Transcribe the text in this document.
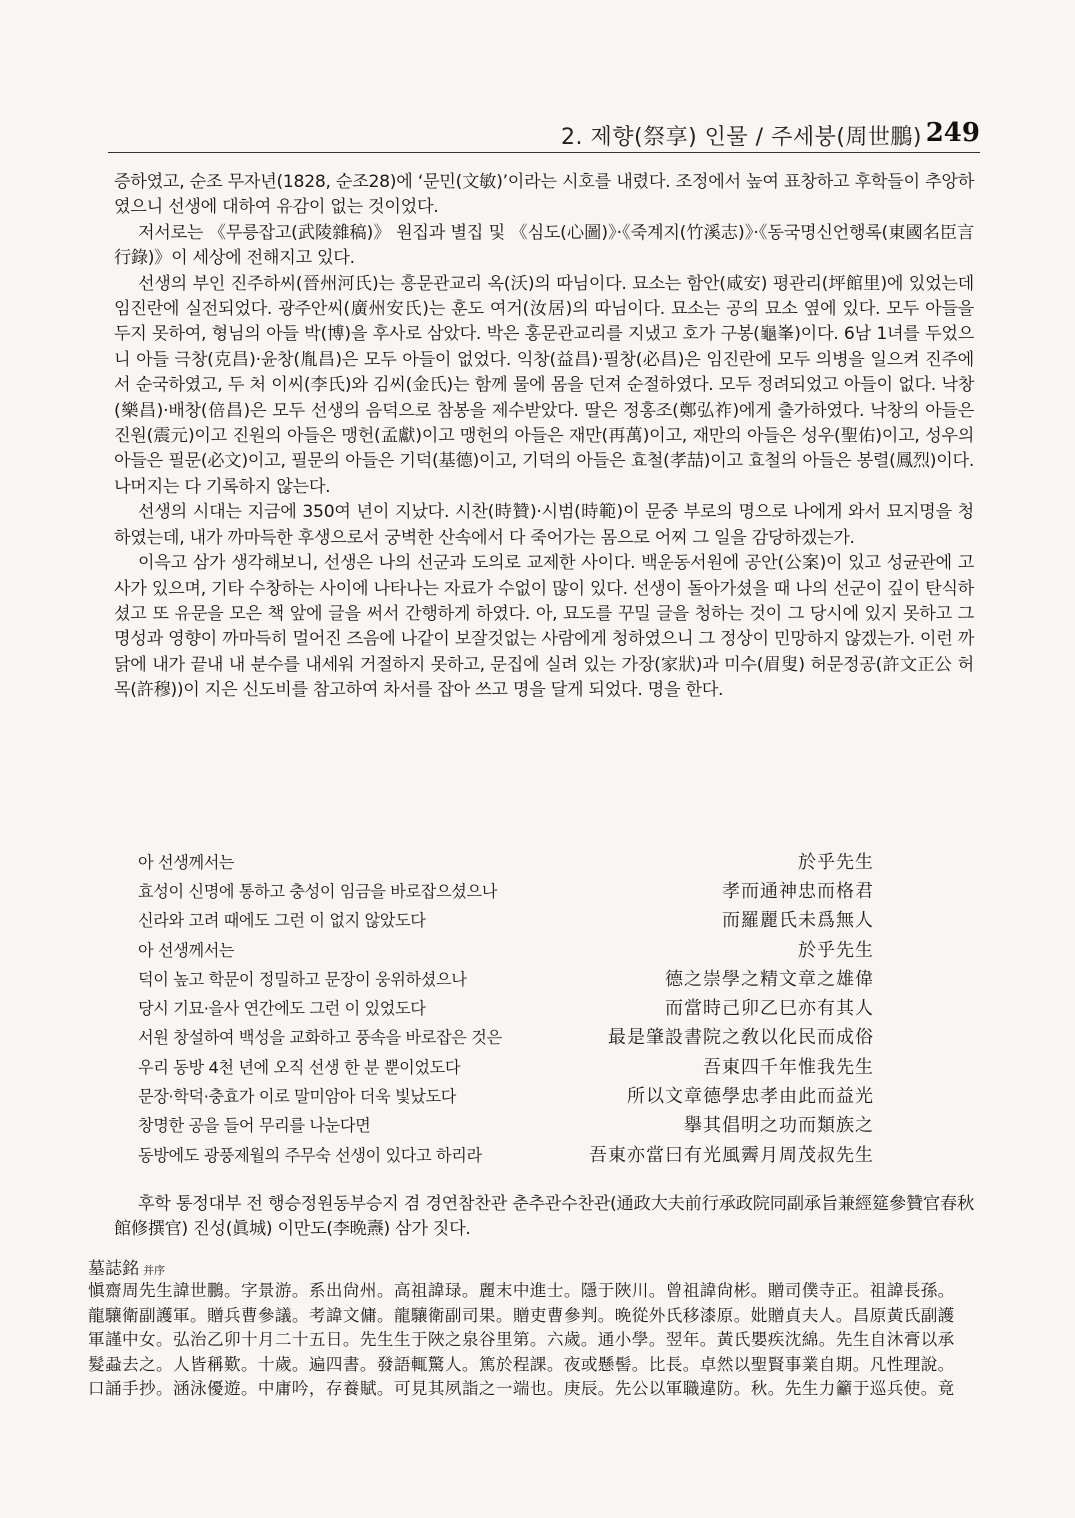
2. 제향(祭享) 인물 / 주세붕(周世鵬) 249

증하였고, 순조 무자년(1828, 순조28)에 ‘문민(文敏)’이라는 시호를 내렸다. 조정에서 높여 표창하고 후학들이 추앙하였으니 선생에 대하여 유감이 없는 것이었다.

저서로는 《무릉잡고(武陵雜稿)》 원집과 별집 및 《심도(心圖)》·《죽계지(竹溪志)》·《동국명신언행록(東國名臣言行錄)》이 세상에 전해지고 있다.

선생의 부인 진주하씨(晉州河氏)는 흥문관교리 옥(沃)의 따님이다. 묘소는 함안(咸安) 평관리(坪館里)에 있었는데 임진란에 실전되었다. 광주안씨(廣州安氏)는 훈도 여거(汝居)의 따님이다. 묘소는 공의 묘소 옆에 있다. 모두 아들을 두지 못하여, 형님의 아들 박(博)을 후사로 삼았다. 박은 홍문관교리를 지냈고 호가 구봉(龜峯)이다. 6남 1녀를 두었으니 아들 극창(克昌)·윤창(胤昌)은 모두 아들이 없었다. 익창(益昌)·필창(必昌)은 임진란에 모두 의병을 일으켜 진주에서 순국하였고, 두 처 이씨(李氏)와 김씨(金氏)는 함께 물에 몸을 던져 순절하였다. 모두 정려되었고 아들이 없다. 낙창(樂昌)·배창(倍昌)은 모두 선생의 음덕으로 참봉을 제수받았다. 딸은 정홍조(鄭弘祚)에게 출가하였다. 낙창의 아들은 진원(震元)이고 진원의 아들은 맹헌(孟獻)이고 맹헌의 아들은 재만(再萬)이고, 재만의 아들은 성우(聖佑)이고, 성우의 아들은 필문(必文)이고, 필문의 아들은 기덕(基德)이고, 기덕의 아들은 효철(孝喆)이고 효철의 아들은 봉렬(鳳烈)이다. 나머지는 다 기록하지 않는다.

선생의 시대는 지금에 350여 년이 지났다. 시찬(時贊)·시범(時範)이 문중 부로의 명으로 나에게 와서 묘지명을 청하였는데, 내가 까마득한 후생으로서 궁벽한 산속에서 다 죽어가는 몸으로 어찌 그 일을 감당하겠는가.

이윽고 삼가 생각해보니, 선생은 나의 선군과 도의로 교제한 사이다. 백운동서원에 공안(公案)이 있고 성균관에 고사가 있으며, 기타 수창하는 사이에 나타나는 자료가 수없이 많이 있다. 선생이 돌아가셨을 때 나의 선군이 깊이 탄식하셨고 또 유문을 모은 책 앞에 글을 써서 간행하게 하였다. 아, 묘도를 꾸밀 글을 청하는 것이 그 당시에 있지 못하고 그 명성과 영향이 까마득히 멀어진 즈음에 나같이 보잘것없는 사람에게 청하였으니 그 정상이 민망하지 않겠는가. 이런 까닭에 내가 끝내 내 분수를 내세워 거절하지 못하고, 문집에 실려 있는 가장(家狀)과 미수(眉叟) 허문정공(許文正公 허목(許穆))이 지은 신도비를 참고하여 차서를 잡아 쓰고 명을 달게 되었다. 명을 한다.

아 선생께서는	於乎先生
효성이 신명에 통하고 충성이 임금을 바로잡으셨으나	孝而通神忠而格君
신라와 고려 때에도 그런 이 없지 않았도다	而羅麗氏未爲無人
아 선생께서는	於乎先生
덕이 높고 학문이 정밀하고 문장이 웅위하셨으나	德之崇學之精文章之雄偉
당시 기묘·을사 연간에도 그런 이 있었도다	而當時己卯乙巳亦有其人
서원 창설하여 백성을 교화하고 풍속을 바로잡은 것은	最是肇設書院之敎以化民而成俗
우리 동방 4천 년에 오직 선생 한 분 뿐이었도다	吾東四千年惟我先生
문장·학덕·충효가 이로 말미암아 더욱 빛났도다	所以文章德學忠孝由此而益光
창명한 공을 들어 무리를 나눈다면	擧其倡明之功而類族之
동방에도 광풍제월의 주무숙 선생이 있다고 하리라	吾東亦當曰有光風霽月周茂叔先生
후학 통정대부 전 행승정원동부승지 겸 경연참찬관 춘추관수찬관(通政大夫前行承政院同副承旨兼經筵參贊官春秋館修撰官) 진성(眞城) 이만도(李晩燾) 삼가 짓다.
墓誌銘 并序
愼齋周先生諱世鵬。字景游。系出尙州。高祖諱琭。麗末中進士。隱于陜川。曾祖諱尙彬。贈司僕寺正。祖諱長孫。
龍驤衛副護軍。贈兵曹參議。考諱文傭。龍驤衛副司果。贈吏曹參判。晩從外氏移漆原。妣贈貞夫人。昌原黃氏副護
軍謹中女。弘治乙卯十月二十五日。先生生于陜之泉谷里第。六歲。通小學。翌年。黃氏嬰疾沈綿。先生自沐膏以承
髮蝨去之。人皆稱歎。十歲。遍四書。發語輒驚人。篤於程課。夜或懸髻。比長。卓然以聖賢事業自期。凡性理說。
口誦手抄。涵泳優遊。中庸吟，存養賦。可見其夙詣之一端也。庚辰。先公以軍職違防。秋。先生力籲于巡兵使。竟
